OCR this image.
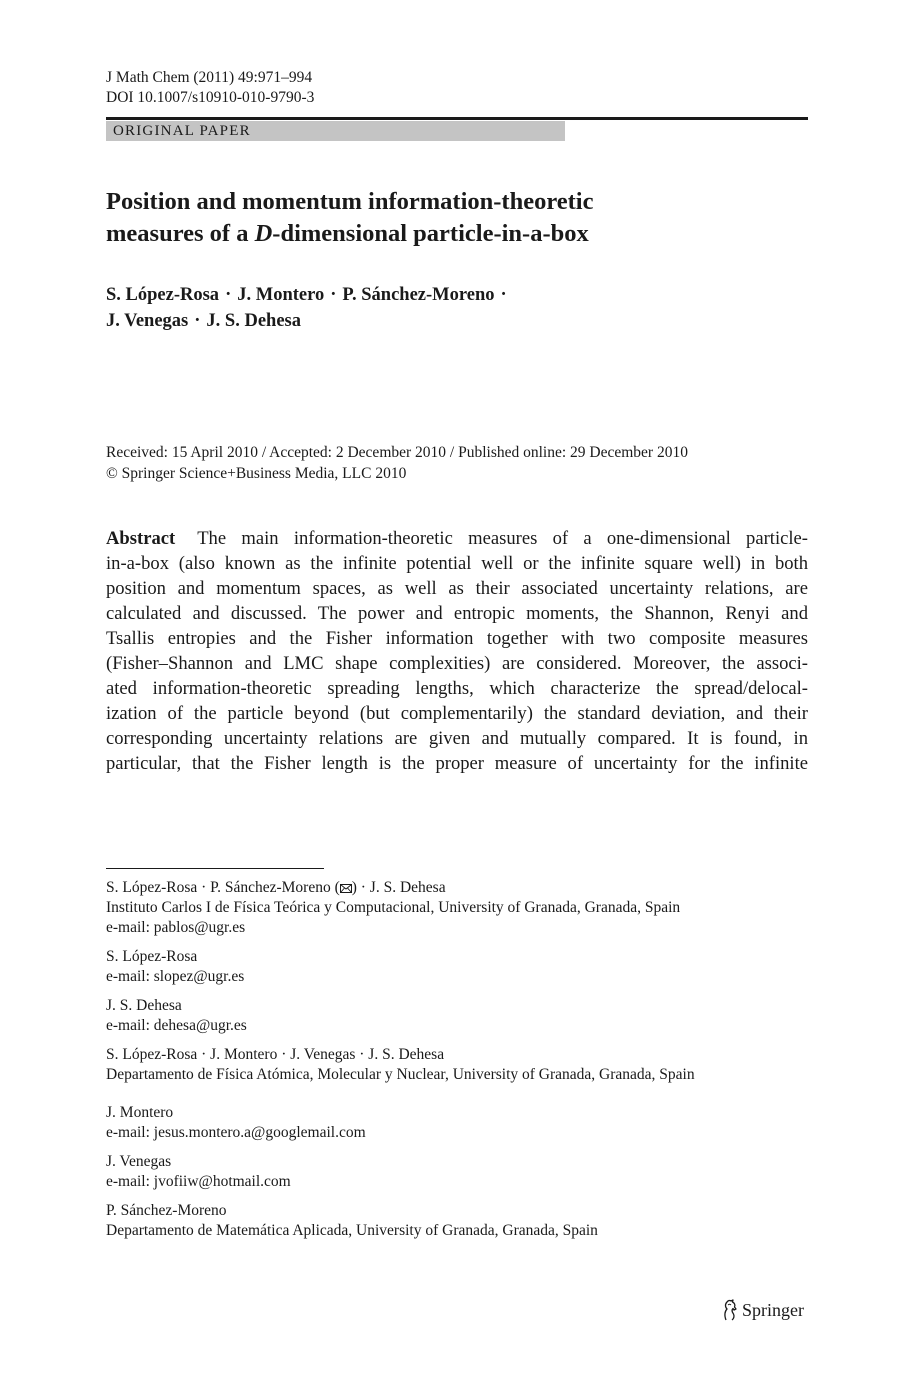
J Math Chem (2011) 49:971–994
DOI 10.1007/s10910-010-9790-3
ORIGINAL PAPER
Position and momentum information-theoretic
measures of a D-dimensional particle-in-a-box
S. López-Rosa · J. Montero · P. Sánchez-Moreno ·
J. Venegas · J. S. Dehesa
Received: 15 April 2010 / Accepted: 2 December 2010 / Published online: 29 December 2010
© Springer Science+Business Media, LLC 2010
Abstract The main information-theoretic measures of a one-dimensional particle-
in-a-box (also known as the infinite potential well or the infinite square well) in both
position and momentum spaces, as well as their associated uncertainty relations, are
calculated and discussed. The power and entropic moments, the Shannon, Renyi and
Tsallis entropies and the Fisher information together with two composite measures
(Fisher–Shannon and LMC shape complexities) are considered. Moreover, the associ-
ated information-theoretic spreading lengths, which characterize the spread/delocal-
ization of the particle beyond (but complementarily) the standard deviation, and their
corresponding uncertainty relations are given and mutually compared. It is found, in
particular, that the Fisher length is the proper measure of uncertainty for the infinite
S. López-Rosa · P. Sánchez-Moreno ( ) · J. S. Dehesa
Instituto Carlos I de Física Teórica y Computacional, University of Granada, Granada, Spain
e-mail: pablos@ugr.es
S. López-Rosa
e-mail: slopez@ugr.es
J. S. Dehesa
e-mail: dehesa@ugr.es
S. López-Rosa · J. Montero · J. Venegas · J. S. Dehesa
Departamento de Física Atómica, Molecular y Nuclear, University of Granada, Granada, Spain
J. Montero
e-mail: jesus.montero.a@googlemail.com
J. Venegas
e-mail: jvofiiw@hotmail.com
P. Sánchez-Moreno
Departamento de Matemática Aplicada, University of Granada, Granada, Spain
Springer
